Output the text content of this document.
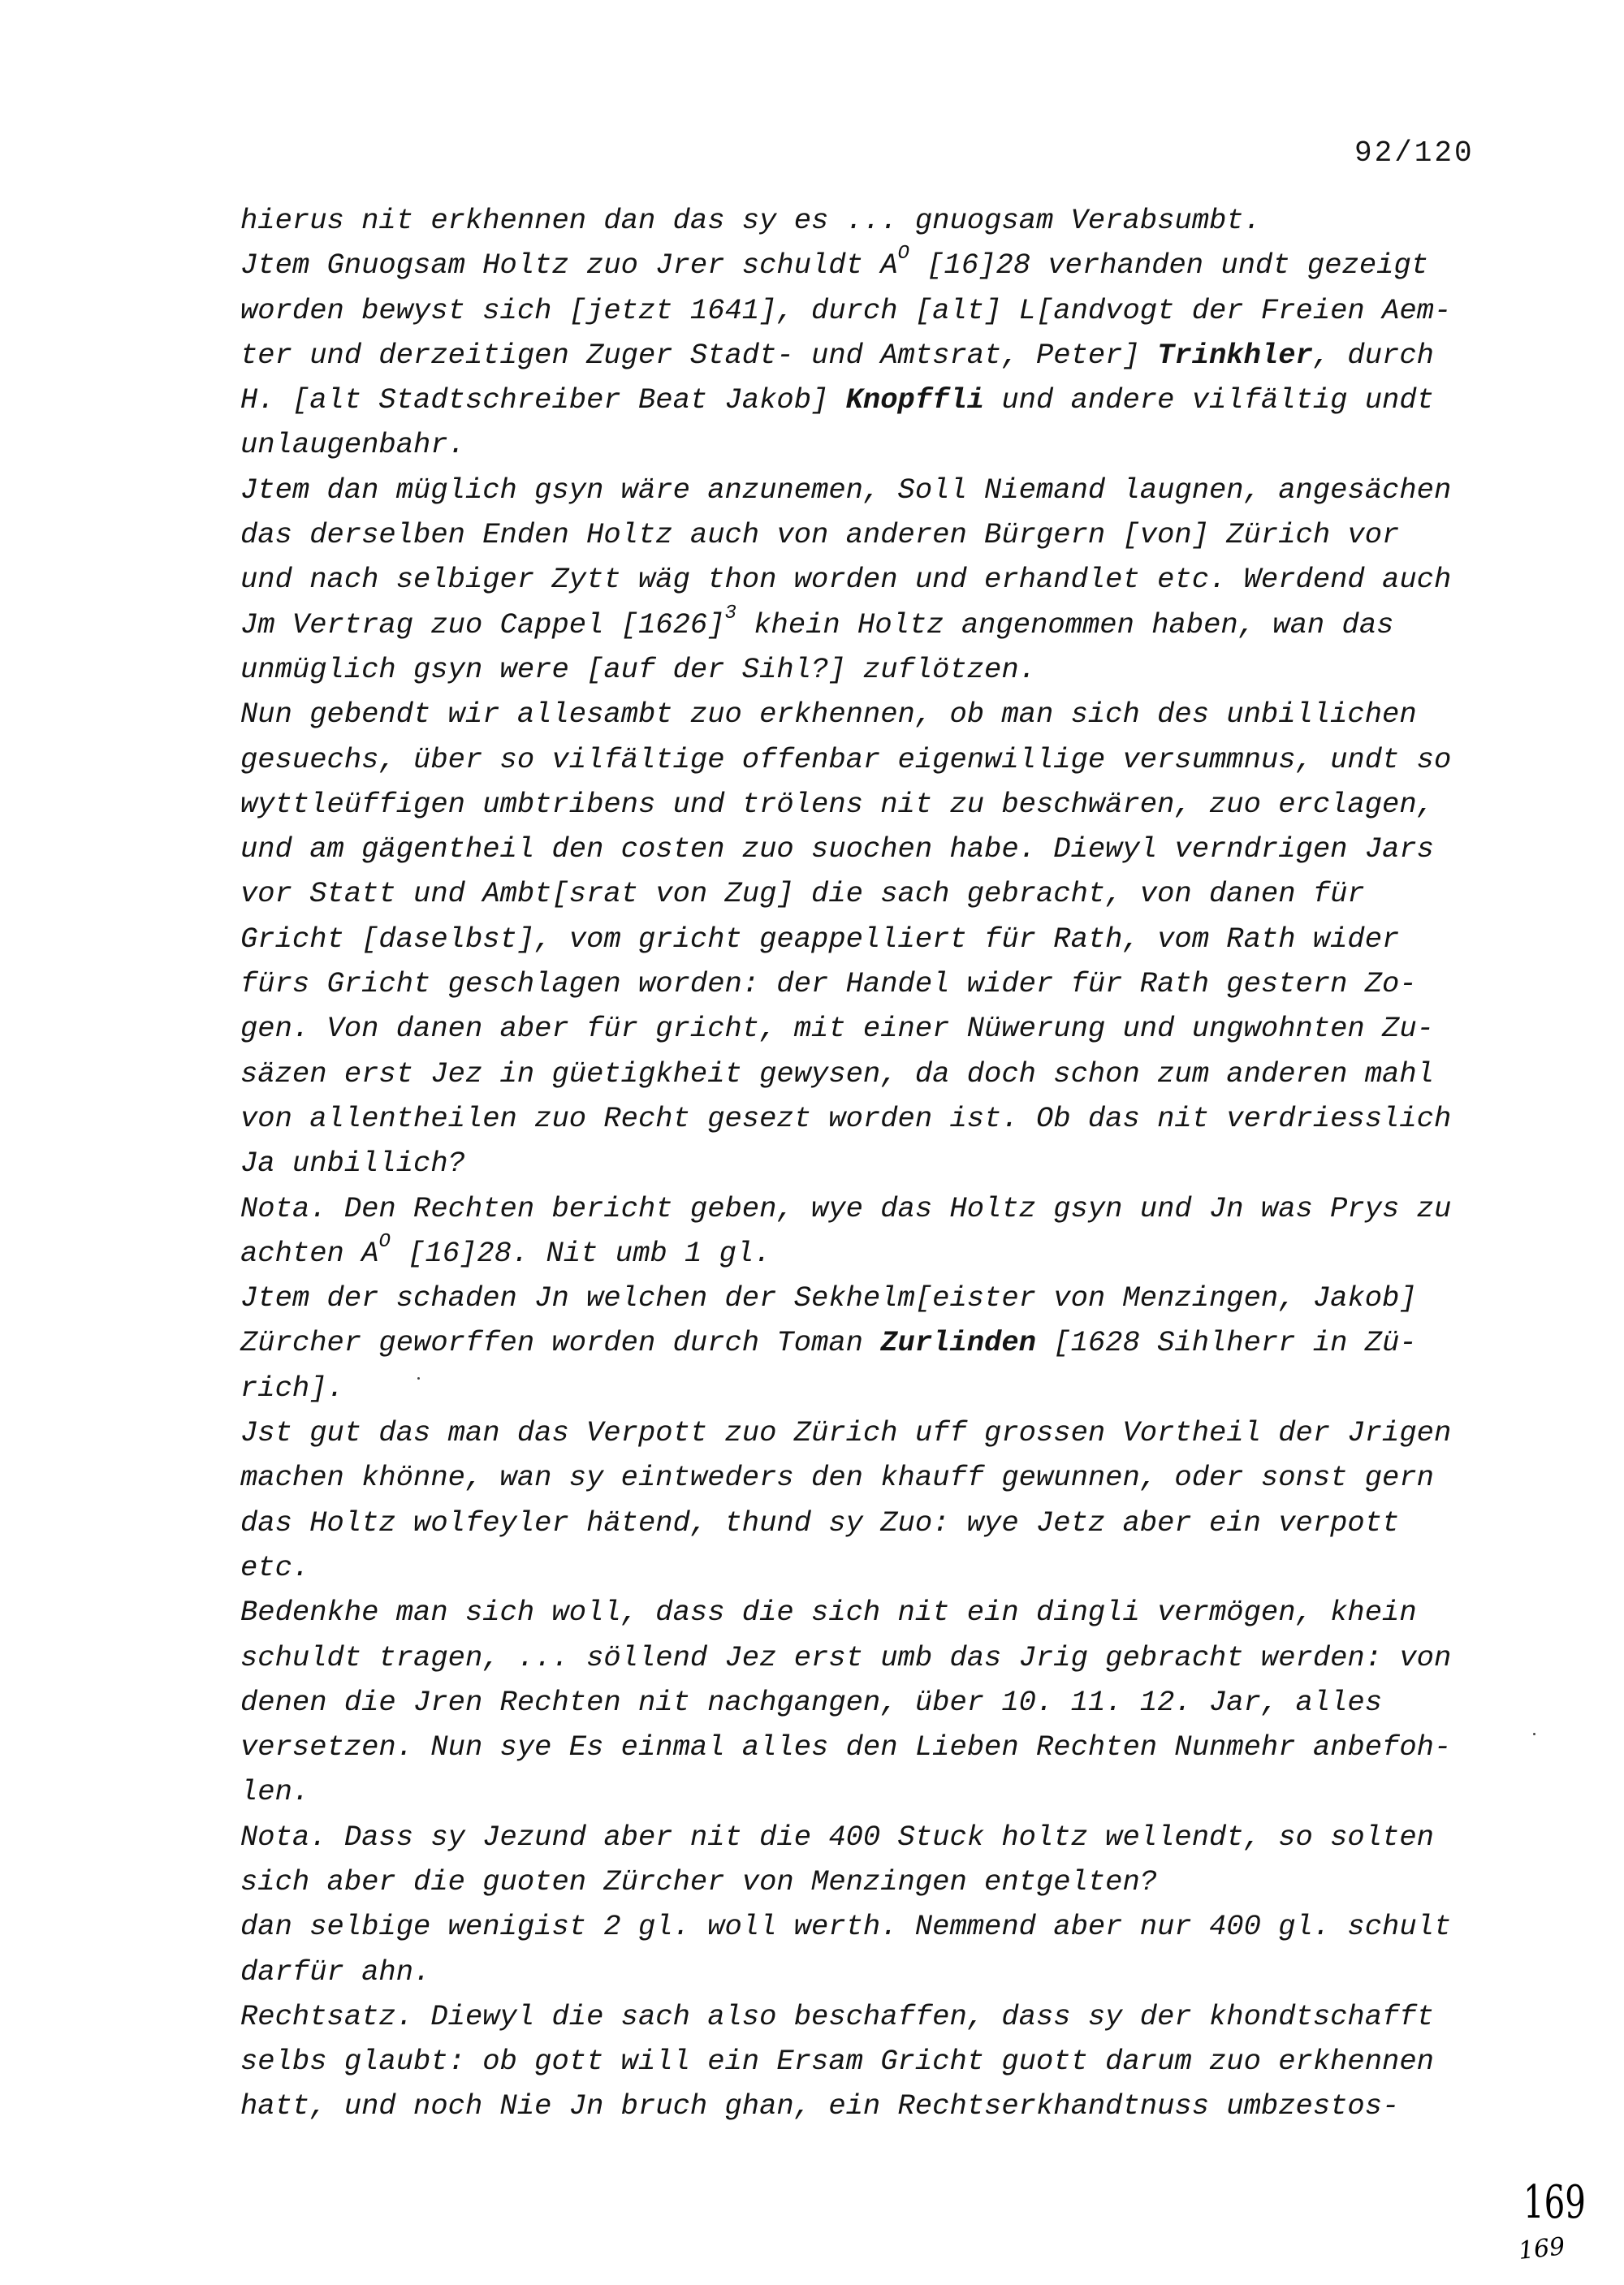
92/120
hierus nit erkhennen dan das sy es ... gnuogsam Verabsumbt.
Jtem Gnuogsam Holtz zuo Jrer schuldt $A^O$ [16]28 verhanden undt gezeigt
worden bewyst sich [jetzt 1641], durch [alt] L[andvogt der Freien Aem-
ter und derzeitigen Zuger Stadt- und Amtsrat, Peter] Trinkhler, durch
H. [alt Stadtschreiber Beat Jakob] Knopffli und andere vilfältig undt
unlaugenbahr.
Jtem dan müglich gsyn wäre anzunemen, Soll Niemand laugnen, angesächen
das derselben Enden Holtz auch von anderen Bürgern [von] Zürich vor
und nach selbiger Zytt wäg thon worden und erhandlet etc. Werdend auch
Jm Vertrag zuo Cappel $[1626]^3$ khein Holtz angenommen haben, wan das
unmüglich gsyn were [auf der Sihl?] zuflötzen.
Nun gebendt wir allesambt zuo erkhennen, ob man sich des unbillichen
gesuechs, über so vilfältige offenbar eigenwillige versummnus, undt so
wyttleüffigen umbtribens und trölens nit zu beschwären, zuo erclagen,
und am gägentheil den costen zuo suochen habe. Diewyl verndrigen Jars
vor Statt und Ambt[srat von Zug] die sach gebracht, von danen für
Gricht [daselbst], vom gricht geappelliert für Rath, vom Rath wider
fürs Gricht geschlagen worden: der Handel wider für Rath gestern Zo-
gen. Von danen aber für gricht, mit einer Nüwerung und ungwohnten Zu-
säzen erst Jez in güetigkheit gewysen, da doch schon zum anderen mahl
von allentheilen zuo Recht gesezt worden ist. Ob das nit verdriesslich
Ja unbillich?
Nota. Den Rechten bericht geben, wye das Holtz gsyn und Jn was Prys zu
achten $A^O$ [16]28. Nit umb 1 gl.
Jtem der schaden Jn welchen der Sekhelm[eister von Menzingen, Jakob]
Zürcher geworffen worden durch Toman Zurlinden [1628 Sihlherr in Zü-
rich].
Jst gut das man das Verpott zuo Zürich uff grossen Vortheil der Jrigen
machen khönne, wan sy eintweders den khauff gewunnen, oder sonst gern
das Holtz wolfeyler hätend, thund sy Zuo: wye Jetz aber ein verpott
etc.
Bedenkhe man sich woll, dass die sich nit ein dingli vermögen, khein
schuldt tragen, ... söllend Jez erst umb das Jrig gebracht werden: von
denen die Jren Rechten nit nachgangen, über 10. 11. 12. Jar, alles
versetzen. Nun sye Es einmal alles den Lieben Rechten Nunmehr anbefoh-
len.
Nota. Dass sy Jezund aber nit die 400 Stuck holtz wellendt, so solten
sich aber die guoten Zürcher von Menzingen entgelten?
dan selbige wenigist 2 gl. woll werth. Nemmend aber nur 400 gl. schult
darfür ahn.
Rechtsatz. Diewyl die sach also beschaffen, dass sy der khondtschafft
selbs glaubt: ob gott will ein Ersam Gricht guott darum zuo erkhennen
hatt, und noch Nie Jn bruch ghan, ein Rechtserkhandtnuss umbzestos-
169
169
